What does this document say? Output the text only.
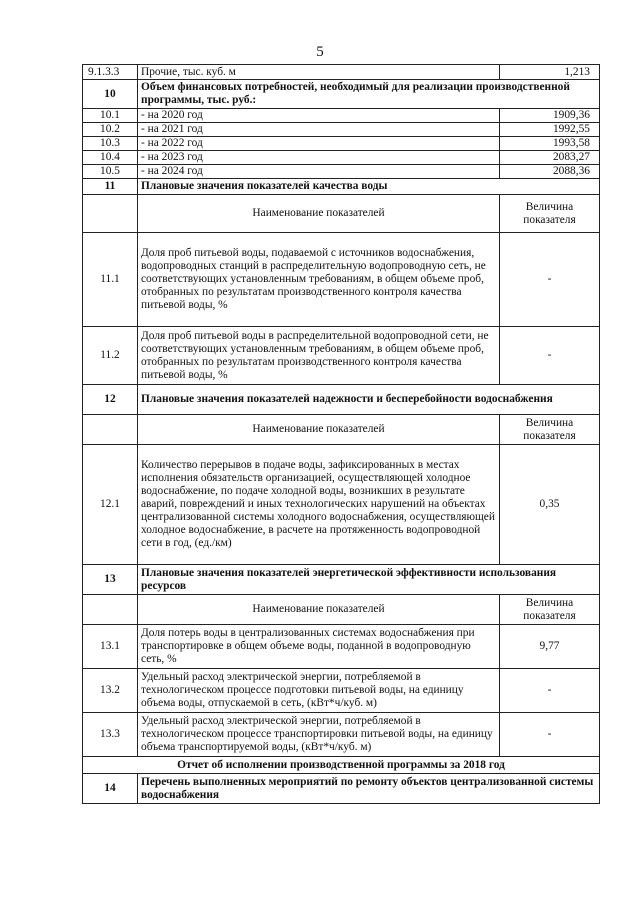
5
9.1.3.3	Прочие, тыс. куб. м	1,213
10	Объем финансовых потребностей, необходимый для реализации производственной программы, тыс. руб.:	
10.1	- на 2020 год	1909,36
10.2	- на 2021 год	1992,55
10.3	- на 2022 год	1993,58
10.4	- на 2023 год	2083,27
10.5	- на 2024 год	2088,36
11	Плановые значения показателей качества воды	
	Наименование показателей	Величина показателя
11.1	Доля проб питьевой воды, подаваемой с источников водоснабжения, водопроводных станций в распределительную водопроводную сеть, не соответствующих установленным требованиям, в общем объеме проб, отобранных по результатам производственного контроля качества питьевой воды, %	-
11.2	Доля проб питьевой воды в распределительной водопроводной сети, не соответствующих установленным требованиям, в общем объеме проб, отобранных по результатам производственного контроля качества питьевой воды, %	-
12	Плановые значения показателей надежности и бесперебойности водоснабжения	
	Наименование показателей	Величина показателя
12.1	Количество перерывов в подаче воды, зафиксированных в местах исполнения обязательств организацией, осуществляющей холодное водоснабжение, по подаче холодной воды, возникших в результате аварий, повреждений и иных технологических нарушений на объектах централизованной системы холодного водоснабжения, осуществляющей холодное водоснабжение, в расчете на протяженность водопроводной сети в год, (ед./км)	0,35
13	Плановые значения показателей энергетической эффективности использования ресурсов	
	Наименование показателей	Величина показателя
13.1	Доля потерь воды в централизованных системах водоснабжения при транспортировке в общем объеме воды, поданной в водопроводную сеть, %	9,77
13.2	Удельный расход электрической энергии, потребляемой в технологическом процессе подготовки питьевой воды, на единицу объема воды, отпускаемой в сеть, (кВт*ч/куб. м)	-
13.3	Удельный расход электрической энергии, потребляемой в технологическом процессе транспортировки питьевой воды, на единицу объема транспортируемой воды, (кВт*ч/куб. м)	-
Отчет об исполнении производственной программы за 2018 год		
14	Перечень выполненных мероприятий по ремонту объектов централизованной системы водоснабжения	
